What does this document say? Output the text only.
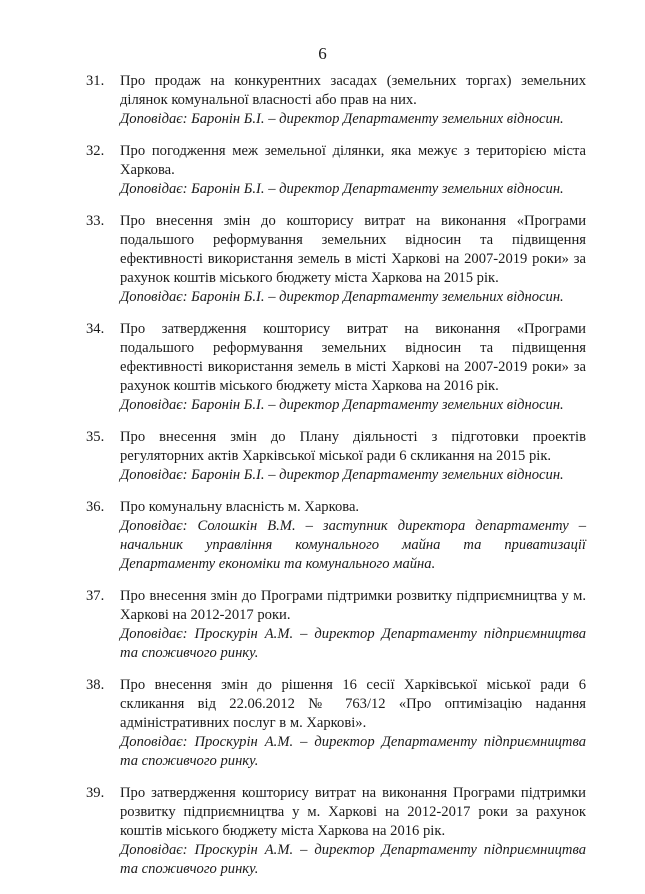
6
31. Про продаж на конкурентних засадах (земельних торгах) земельних ділянок комунальної власності або прав на них.
Доповідає: Баронін Б.І. – директор Департаменту земельних відносин.
32. Про погодження меж земельної ділянки, яка межує з територією міста Харкова.
Доповідає: Баронін Б.І. – директор Департаменту земельних відносин.
33. Про внесення змін до кошторису витрат на виконання «Програми подальшого реформування земельних відносин та підвищення ефективності використання земель в місті Харкові на 2007-2019 роки» за рахунок коштів міського бюджету міста Харкова на 2015 рік.
Доповідає: Баронін Б.І. – директор Департаменту земельних відносин.
34. Про затвердження кошторису витрат на виконання «Програми подальшого реформування земельних відносин та підвищення ефективності використання земель в місті Харкові на 2007-2019 роки» за рахунок коштів міського бюджету міста Харкова на 2016 рік.
Доповідає: Баронін Б.І. – директор Департаменту земельних відносин.
35. Про внесення змін до Плану діяльності з підготовки проектів регуляторних актів Харківської міської ради 6 скликання на 2015 рік.
Доповідає: Баронін Б.І. – директор Департаменту земельних відносин.
36. Про комунальну власність м. Харкова.
Доповідає: Солошкін В.М. – заступник директора департаменту – начальник управління комунального майна та приватизації Департаменту економіки та комунального майна.
37. Про внесення змін до Програми підтримки розвитку підприємництва у м. Харкові на 2012-2017 роки.
Доповідає: Проскурін А.М. – директор Департаменту підприємництва та споживчого ринку.
38. Про внесення змін до рішення 16 сесії Харківської міської ради 6 скликання від 22.06.2012 № 763/12 «Про оптимізацію надання адміністративних послуг в м. Харкові».
Доповідає: Проскурін А.М. – директор Департаменту підприємництва та споживчого ринку.
39. Про затвердження кошторису витрат на виконання Програми підтримки розвитку підприємництва у м. Харкові на 2012-2017 роки за рахунок коштів міського бюджету міста Харкова на 2016 рік.
Доповідає: Проскурін А.М. – директор Департаменту підприємництва та споживчого ринку.
